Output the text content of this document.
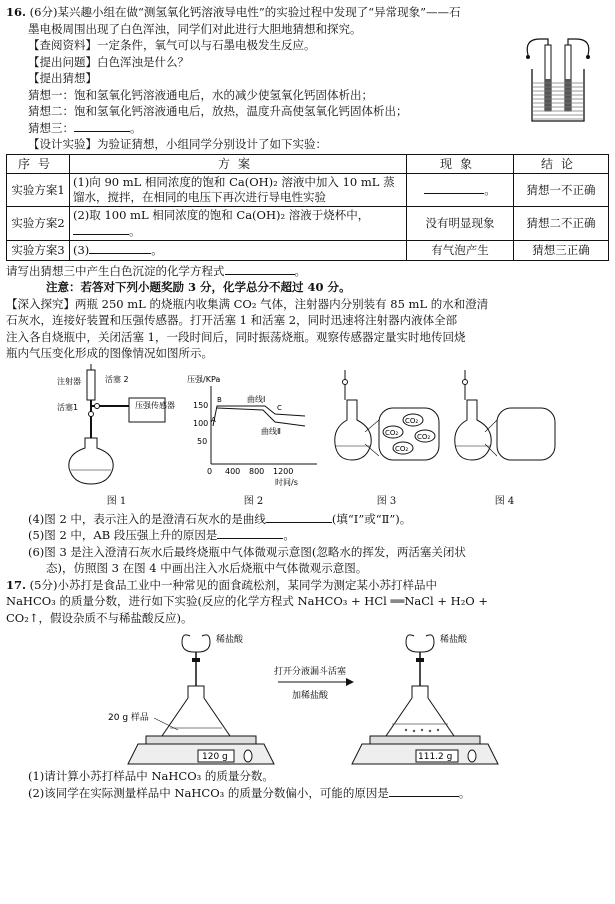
16. (6分)某兴趣小组在做“测氢氧化钙溶液导电性”的实验过程中发现了“异常现象”——石

墨电极周围出现了白色浑浊，同学们对此进行大胆地猜想和探究。

【查阅资料】一定条件，氧气可以与石墨电极发生反应。

【提出问题】白色浑浊是什么？

【提出猜想】

猜想一：饱和氢氧化钙溶液通电后，水的减少使氢氧化钙固体析出；

猜想二：饱和氢氧化钙溶液通电后，放热，温度升高使氢氧化钙固体析出；

猜想三：	。

【设计实验】为验证猜想，小组同学分别设计了如下实验：

序号	方案	现象	结论
实验方案1	(1)向 90 mL 相同浓度的饱和 Ca(OH)₂ 溶液中加入 10 mL 蒸馏水，搅拌，在相同的电压下再次进行导电性实验	。	猜想一不正确
实验方案2	(2)取 100 mL 相同浓度的饱和 Ca(OH)₂ 溶液于烧杯中，。	没有明显现象	猜想二不正确
实验方案3	(3) 。	有气泡产生	猜想三正确

请写出猜想三中产生白色沉淀的化学方程式	。

注意：若答对下列小题奖励 3 分，化学总分不超过 40 分。

【深入探究】两瓶 250 mL 的烧瓶内收集满 CO₂ 气体，注射器内分别装有 85 mL 的水和澄清

石灰水，连接好装置和压强传感器。打开活塞 1 和活塞 2，同时迅速将注射器内液体全部

注入各自烧瓶中，关闭活塞 1，一段时间后，同时振荡烧瓶。观察传感器定量实时地传回烧

瓶内气压变化形成的图像情况如图所示。

注射器	活塞 2
活塞1	压强传感器
图 1
压强/KPa
150
100
50
0 400 800 1200
时间/s
A
B
C
曲线Ⅰ
曲线Ⅱ
图 2
CO₂
CO₂	CO₂
CO₂
图 3	图 4

(4)图 2 中，表示注入的是澄清石灰水的是曲线	(填“Ⅰ”或“Ⅱ”)。

(5)图 2 中，AB 段压强上升的原因是	。

(6)图 3 是注入澄清石灰水后最终烧瓶中气体微观示意图(忽略水的挥发，两活塞关闭状

态)，仿照图 3 在图 4 中画出注入水后烧瓶中气体微观示意图。

17. (5分)小苏打是食品工业中一种常见的面食疏松剂，某同学为测定某小苏打样品中

NaHCO₃ 的质量分数，进行如下实验(反应的化学方程式 NaHCO₃ + HCl ══NaCl + H₂O +

CO₂↑，假设杂质不与稀盐酸反应)。

稀盐酸
20 g 样品
120 g
打开分液漏斗活塞
加稀盐酸
稀盐酸
111.2 g

(1)请计算小苏打样品中 NaHCO₃ 的质量分数。

(2)该同学在实际测量样品中 NaHCO₃ 的质量分数偏小，可能的原因是	。
